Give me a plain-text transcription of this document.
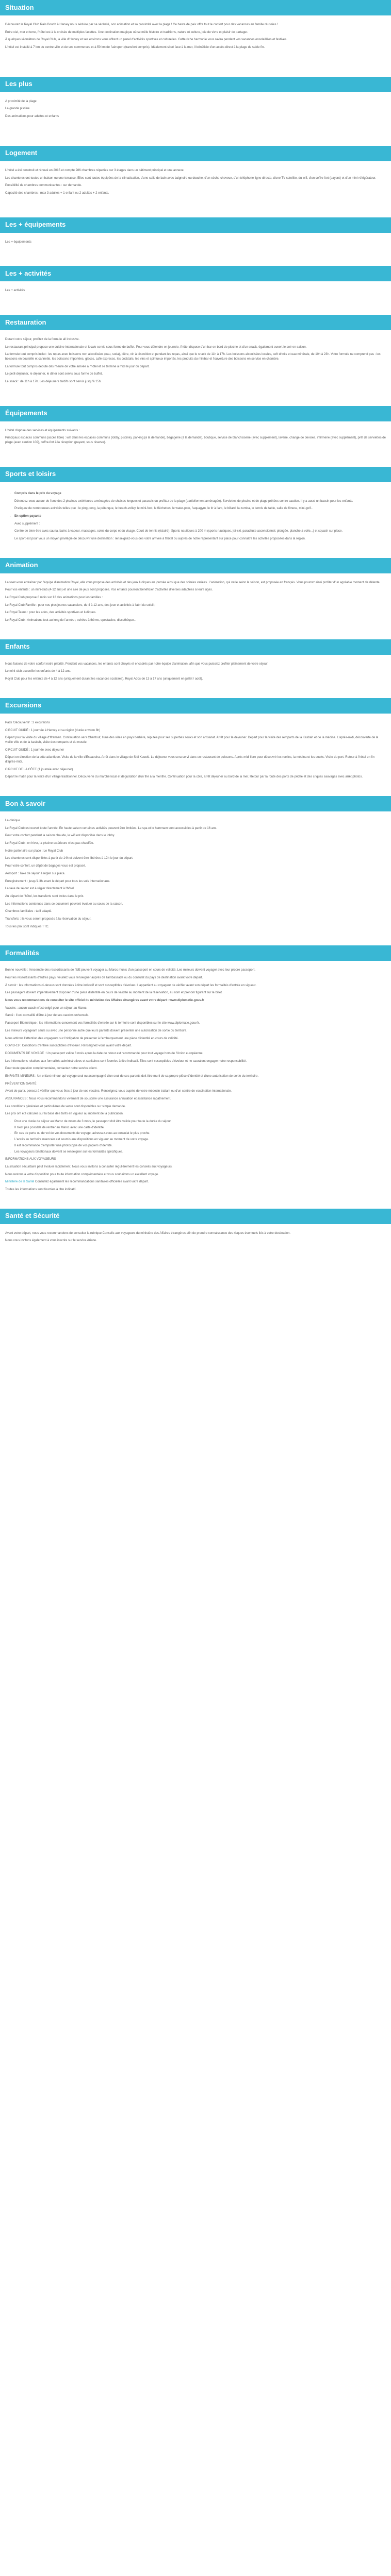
Situation

Découvrez le Royal Club Raïs Bouch à Harvey nous séduire par sa sérénité, son animation et sa proximité avec la plage ! Ce havre de paix offre tout le confort pour des vacances en famille réussies !

Entre ciel, mer et terre, l'hôtel est à la croisée de multiples facettes. Une destination magique où se mêle histoire et traditions, nature et culture, joie de vivre et plaisir de partager.

À quelques kilomètres de Royal Club, la ville d'Harvey et ses environs vous offrent un panel d'activités sportives et culturelles. Cette riche harmonie vous ravira pendant vos vacances ensoleillées et festives.

L'hôtel est installé à 7 km du centre-ville et de ses commerces et à 50 km de l'aéroport (transfert compris). Idéalement situé face à la mer, il bénéficie d'un accès direct à la plage de sable fin.

Les plus

A proximité de la plage

La grande piscine

Des animations pour adultes et enfants

Logement

L'hôtel a été construit et rénové en 2015 et compte 286 chambres réparties sur 3 étages dans un bâtiment principal et une annexe.

Les chambres ont toutes un balcon ou une terrasse. Elles sont toutes équipées de la climatisation, d'une salle de bain avec baignoire ou douche, d'un sèche-cheveux, d'un téléphone ligne directe, d'une TV satellite, du wifi, d'un coffre-fort (payant) et d'un mini-réfrigérateur.

Possibilité de chambres communicantes : sur demande.

Capacité des chambres : max 3 adultes + 1 enfant ou 2 adultes + 2 enfants.

Les + équipements

Les + équipements

Les + activités

Les + activités

Restauration

Durant votre séjour, profitez de la formule all inclusive.

Le restaurant principal propose une cuisine internationale et locale servie sous forme de buffet. Pour vous détendre en journée, l'hôtel dispose d'un bar en bord de piscine et d'un snack, également ouvert le soir en saison.

La formule tout compris inclut : les repas avec boissons non alcoolisées (eau, soda), bière, vin à discrétion et pendant les repas, ainsi que le snack de 11h à 17h. Les boissons alcoolisées locales, soft drinks et eau minérale, de 10h à 23h. Votre formule ne comprend pas : les boissons en bouteille et cannette, les boissons importées, glaces, café expresso, les cocktails, les vins et spiritueux importés, les produits du minibar et l'ouverture des boissons en service en chambre.

La formule tout compris débute dès l'heure de votre arrivée à l'hôtel et se termine à midi le jour du départ.

Le petit-déjeuner, le déjeuner, le dîner sont servis sous forme de buffet.

Le snack : de 11h à 17h. Les déjeuners tardifs sont servis jusqu'à 15h.

Équipements

L'hôtel dispose des services et équipements suivants :

Principaux espaces communs (accès libre) : wifi dans les espaces communs (lobby, piscine), parking (à la demande), bagagerie (à la demande), boutique, service de blanchisserie (avec supplément), laverie, change de devises, infirmerie (avec supplément), prêt de serviettes de plage (avec caution 10€), coffre-fort à la réception (payant, sous réserve).

Sports et loisirs
• Compris dans le prix du voyage

Détendez-vous autour de l'une des 2 piscines extérieures aménagées de chaises longues et parasols ou profitez de la plage (partiellement aménagée). Serviettes de piscine et de plage prêtées contre caution. Il y a aussi un bassin pour les enfants.

Pratiquez de nombreuses activités telles que : le ping-pong, la pétanque, le beach-volley, le mini-foot, le fléchettes, le water-polo, l'aquagym, le tir à l'arc, le billard, la zumba, le tennis de table, salle de fitness, mini-golf...

• En option payante

Avec supplément :

Centre de bien-être avec sauna, bains à vapeur, massages, soins du corps et du visage. Court de tennis (éclairé). Sports nautiques à 200 m (sports nautiques, jet-ski, parachute ascensionnel, plongée, planche à voile...) et squash sur place.

Le sport est pour vous un moyen privilégié de découvrir une destination : renseignez-vous dès votre arrivée à l'hôtel ou auprès de notre représentant sur place pour connaître les activités proposées dans la région.

Animation

Laissez-vous entraîner par l'équipe d'animation Royal, elle vous propose des activités et des jeux ludiques en journée ainsi que des soirées variées. L'animation, qui varie selon la saison, est proposée en français. Vous pourrez ainsi profiter d'un agréable moment de détente.

Pour vos enfants : un mini-club (4-12 ans) et une aire de jeux sont proposés. Vos enfants pourront bénéficier d'activités diverses adaptées à leurs âges.

Le Royal Club propose 6 mois sur 12 des animations pour les familles :

Le Royal Club Famille : pour nos plus jeunes vacanciers, de 4 à 12 ans, des jeux et activités à l'abri du soleil ;

Le Royal Teens : pour les ados, des activités sportives et ludiques.

Le Royal Club : Animations tout au long de l'année ; soirées à thème, spectacles, discothèque...

Enfants

Nous faisons de votre confort notre priorité. Pendant vos vacances, les enfants sont choyés et encadrés par notre équipe d'animation, afin que vous puissiez profiter pleinement de votre séjour.

Le mini-club accueille les enfants de 4 à 12 ans.

Royal Club pour les enfants de 4 à 12 ans (uniquement durant les vacances scolaires). Royal Ados de 13 à 17 ans (uniquement en juillet / août).

Excursions

Pack 'Découverte' : 2 excursions

CIRCUIT GUIDÉ : 1 journée à Harvey et sa région (durée environ 8h)

Départ pour la visite du village d'Ifrannen. Continuation vers Chentouf, l'une des villes en pays berbère, réputée pour ses superbes souks et son artisanat. Arrêt pour le déjeuner. Départ pour la visite des remparts de la Kasbah et de la médina. L'après-midi, découverte de la vieille ville et de la kasbah, visite des remparts et du musée.

CIRCUIT GUIDÉ : 1 journée avec déjeuner

Départ en direction de la côte atlantique. Visite de la ville d'Essaouira. Arrêt dans le village de Sidi Kaouki. Le déjeuner vous sera servi dans un restaurant de poissons. Après-midi libre pour découvrir les ruelles, la médina et les souks. Visite du port. Retour à l'hôtel en fin d'après-midi.

CIRCUIT DE LA CÔTE (1 journée avec déjeuner)

Départ le matin pour la visite d'un village traditionnel. Découverte du marché local et dégustation d'un thé à la menthe. Continuation pour la côte, arrêt déjeuner au bord de la mer. Retour par la route des ports de pêche et des criques sauvages avec arrêt photos.

Bon à savoir

La clinique

Le Royal Club est ouvert toute l'année. En haute saison certaines activités peuvent être limitées. Le spa et le hammam sont accessibles à partir de 16 ans.

Pour votre confort pendant la saison chaude, le wifi est disponible dans le lobby.

Le Royal Club : en hiver, la piscine extérieure n'est pas chauffée.

Notre partenaire sur place : Le Royal Club

Les chambres sont disponibles à partir de 14h et doivent être libérées à 12h le jour du départ.

Pour votre confort, un dépôt de bagages vous est proposé.

Aéroport : Taxe de séjour à régler sur place.

Enregistrement : jusqu'à 3h avant le départ pour tous les vols internationaux.

La taxe de séjour est à régler directement à l'hôtel.

Au départ de l'hôtel, les transferts sont inclus dans le prix.

Les informations contenues dans ce document peuvent évoluer au cours de la saison.

Chambres familiales : tarif adapté.

Transferts : ils vous seront proposés à la réservation du séjour.

Tous les prix sont indiqués TTC.

Formalités

Bonne nouvelle : l'ensemble des ressortissants de l'UE peuvent voyager au Maroc munis d'un passeport en cours de validité. Les mineurs doivent voyager avec leur propre passeport.

Pour les ressortissants d'autres pays, veuillez vous renseigner auprès de l'ambassade ou du consulat du pays de destination avant votre départ.

À savoir : les informations ci-dessus sont données à titre indicatif et sont susceptibles d'évoluer. Il appartient au voyageur de vérifier avant son départ les formalités d'entrée en vigueur.

Les passagers doivent impérativement disposer d'une pièce d'identité en cours de validité au moment de la réservation, au nom et prénom figurant sur le billet.

Nous vous recommandons de consulter le site officiel du ministère des Affaires étrangères avant votre départ : www.diplomatie.gouv.fr

Vaccins : aucun vaccin n'est exigé pour un séjour au Maroc.

Santé : Il est conseillé d'être à jour de ses vaccins universels.

Passeport Biométrique : les informations concernant vos formalités d'entrée sur le territoire sont disponibles sur le site www.diplomatie.gouv.fr.

Les mineurs voyageant seuls ou avec une personne autre que leurs parents doivent présenter une autorisation de sortie du territoire.

Nous attirons l'attention des voyageurs sur l'obligation de présenter à l'embarquement une pièce d'identité en cours de validité.

COVID-19 : Conditions d'entrée susceptibles d'évoluer. Renseignez-vous avant votre départ.

DOCUMENTS DE VOYAGE : Un passeport valide 6 mois après la date de retour est recommandé pour tout voyage hors de l'Union européenne.

Les informations relatives aux formalités administratives et sanitaires sont fournies à titre indicatif. Elles sont susceptibles d'évoluer et ne sauraient engager notre responsabilité.

Pour toute question complémentaire, contactez notre service client.

ENFANTS MINEURS : Un enfant mineur qui voyage seul ou accompagné d'un seul de ses parents doit être muni de sa propre pièce d'identité et d'une autorisation de sortie du territoire.

PRÉVENTION SANTÉ

Avant de partir, pensez à vérifier que vous êtes à jour de vos vaccins. Renseignez-vous auprès de votre médecin traitant ou d'un centre de vaccination internationale.

ASSURANCES : Nous vous recommandons vivement de souscrire une assurance annulation et assistance rapatriement.

Les conditions générales et particulières de vente sont disponibles sur simple demande.

Les prix ont été calculés sur la base des tarifs en vigueur au moment de la publication.

• Pour une durée de séjour au Maroc de moins de 3 mois, le passeport doit être valide pour toute la durée du séjour.
• Il n'est pas possible de rentrer au Maroc avec une carte d'identité.
• En cas de perte ou de vol de vos documents de voyage, adressez-vous au consulat le plus proche.
• L'accès au territoire marocain est soumis aux dispositions en vigueur au moment de votre voyage.
• Il est recommandé d'emporter une photocopie de vos papiers d'identité.
• Les voyageurs binationaux doivent se renseigner sur les formalités spécifiques.

INFORMATIONS AUX VOYAGEURS

La situation sécuritaire peut évoluer rapidement. Nous vous invitons à consulter régulièrement les conseils aux voyageurs.

Nous restons à votre disposition pour toute information complémentaire et vous souhaitons un excellent voyage.

Ministère de la Santé Consultez également les recommandations sanitaires officielles avant votre départ.

Toutes les informations sont fournies à titre indicatif.

Santé et Sécurité

Avant votre départ, nous vous recommandons de consulter la rubrique Conseils aux voyageurs du ministère des Affaires étrangères afin de prendre connaissance des risques éventuels liés à votre destination.

Nous vous invitons également à vous inscrire sur le service Ariane.
